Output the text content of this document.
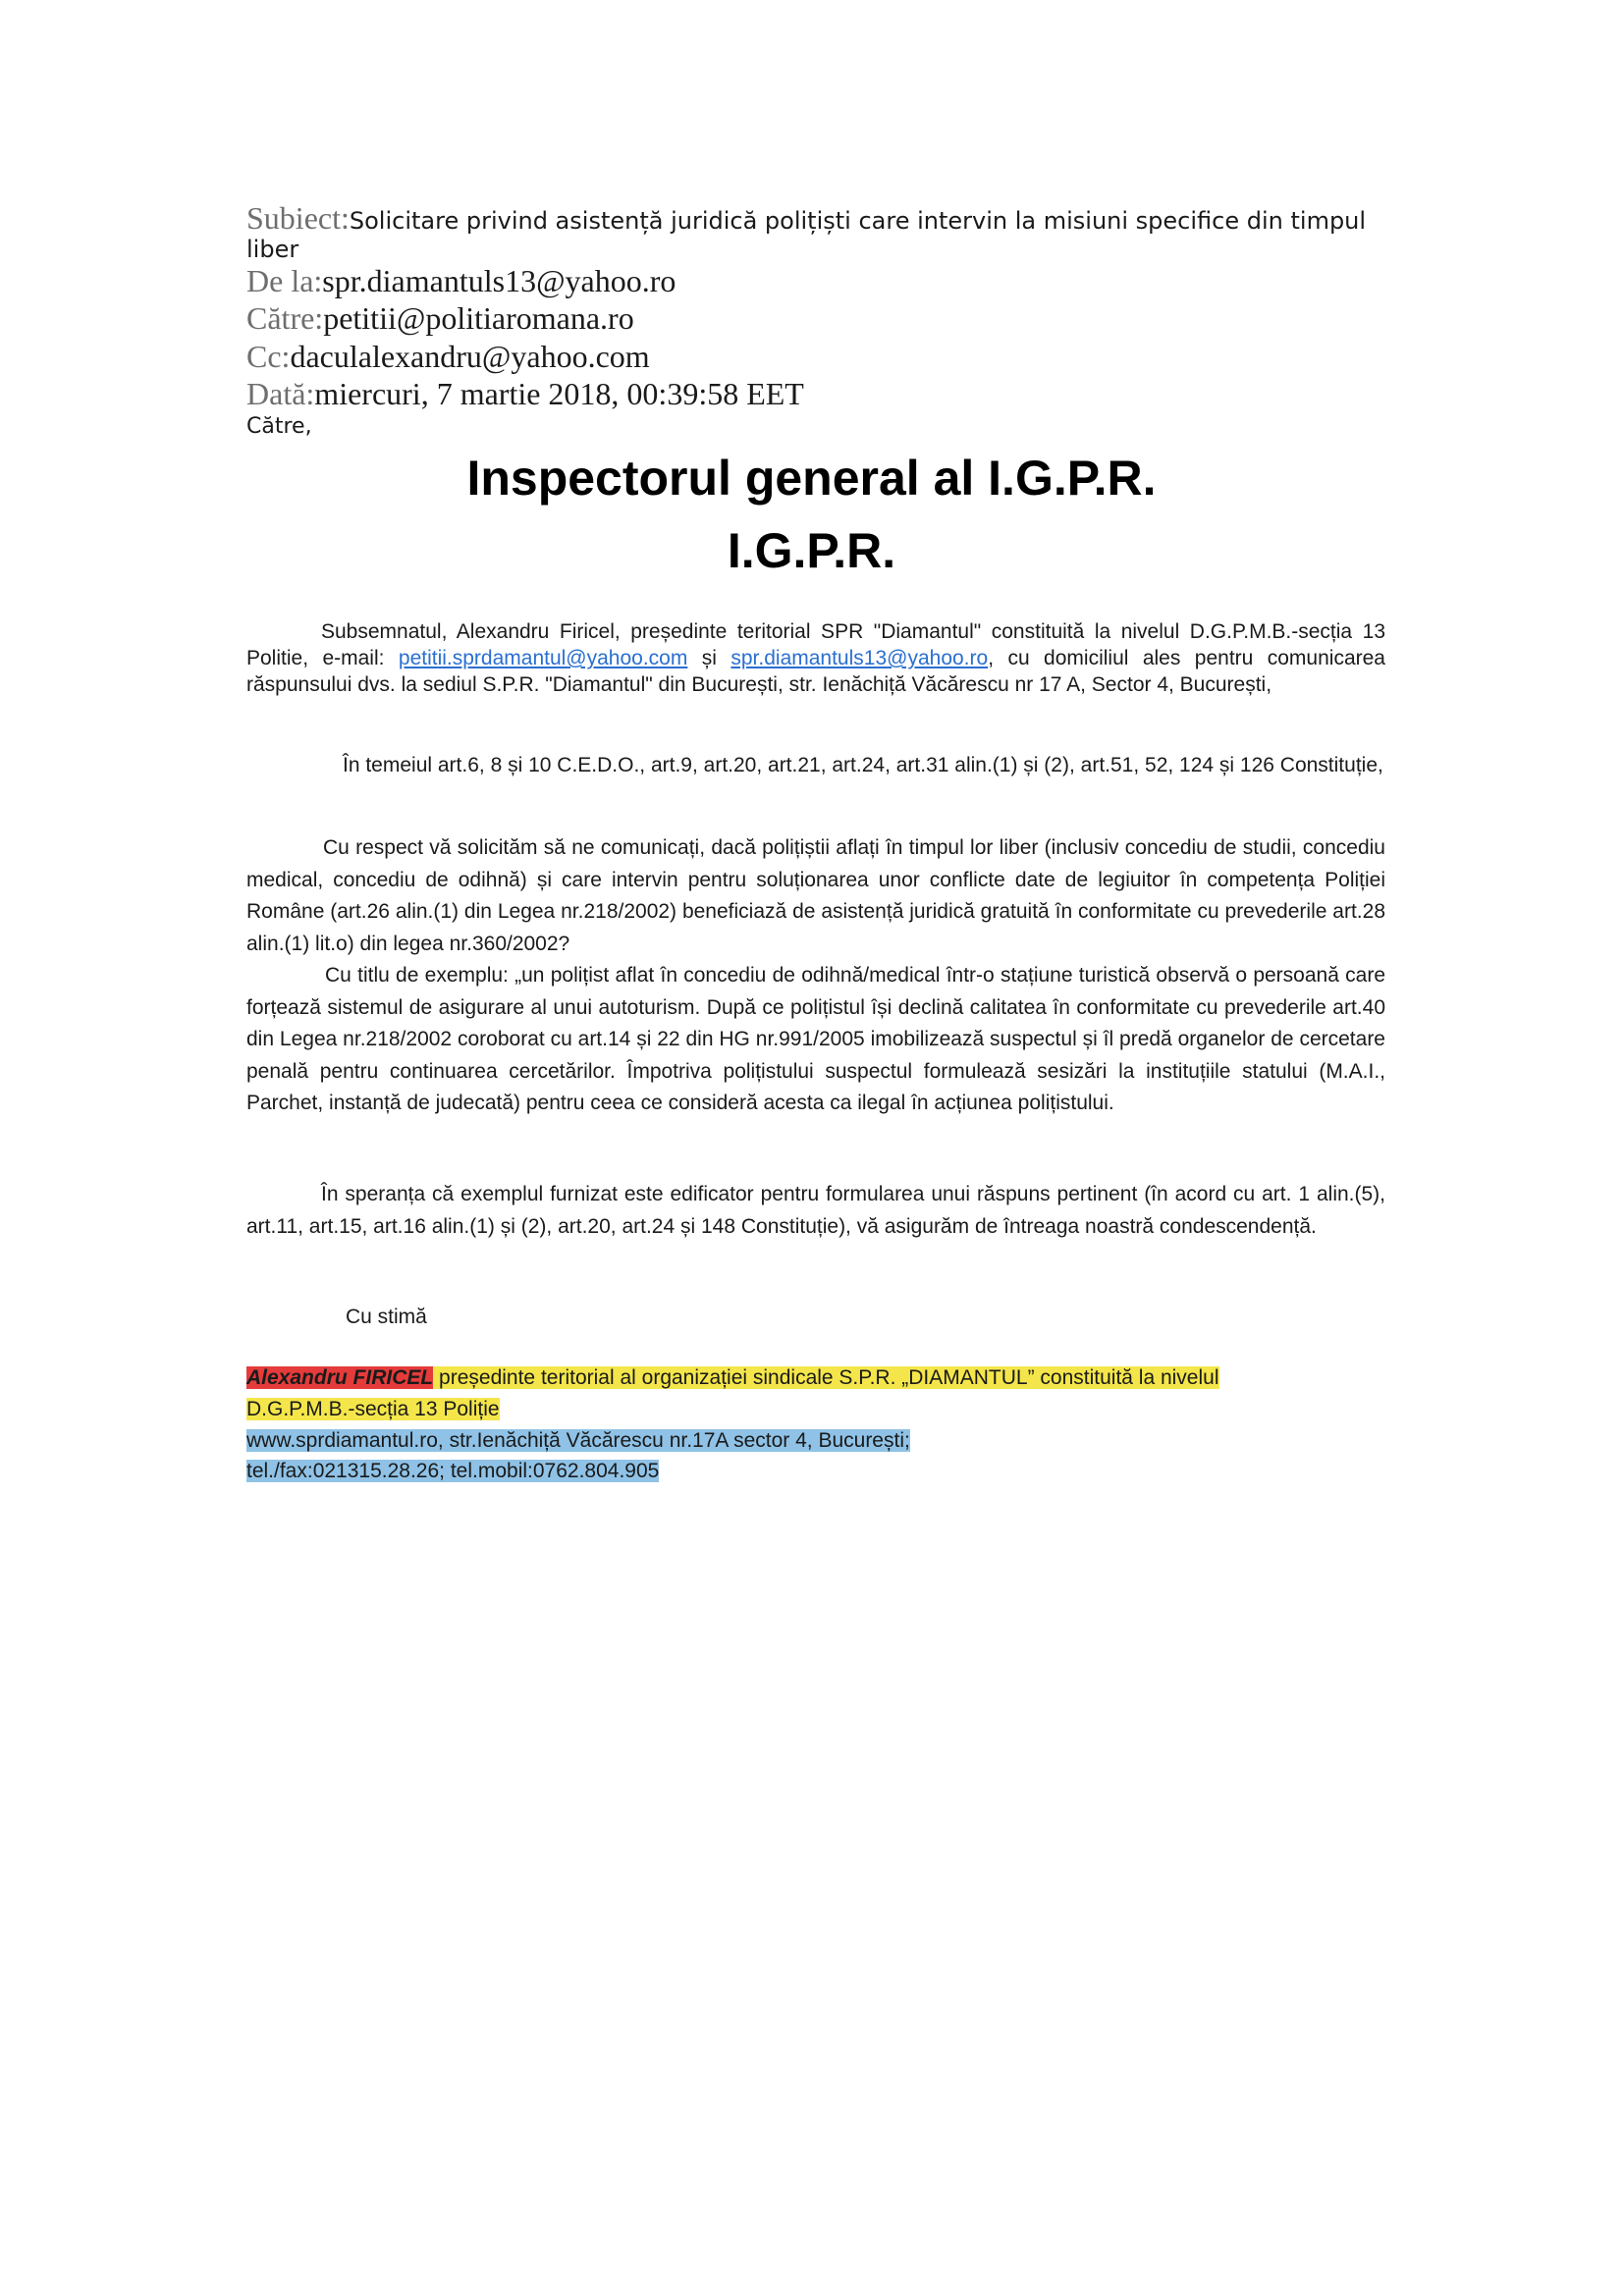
Subiect:Solicitare privind asistență juridică polițiști care intervin la misiuni specifice din timpul
liber
De la:spr.diamantuls13@yahoo.ro
Către:petitii@politiaromana.ro
Cc:daculalexandru@yahoo.com
Dată:miercuri, 7 martie 2018, 00:39:58 EET
Către,
Inspectorul general al I.G.P.R.
I.G.P.R.
Subsemnatul, Alexandru Firicel, președinte teritorial SPR "Diamantul" constituită la nivelul D.G.P.M.B.-secția 13 Politie, e-mail: petitii.sprdamantul@yahoo.com și spr.diamantuls13@yahoo.ro, cu domiciliul ales pentru comunicarea răspunsului dvs. la sediul S.P.R. "Diamantul" din București, str. Ienăchiță Văcărescu nr 17 A, Sector 4, București,
În temeiul art.6, 8 și 10 C.E.D.O., art.9, art.20, art.21, art.24, art.31 alin.(1) și (2), art.51, 52, 124 și 126 Constituție,
Cu respect vă solicităm să ne comunicați, dacă polițiștii aflați în timpul lor liber (inclusiv concediu de studii, concediu medical, concediu de odihnă) și care intervin pentru soluționarea unor conflicte date de legiuitor în competența Poliției Române (art.26 alin.(1) din Legea nr.218/2002) beneficiază de asistență juridică gratuită în conformitate cu prevederile art.28 alin.(1) lit.o) din legea nr.360/2002?
Cu titlu de exemplu: „un polițist aflat în concediu de odihnă/medical într-o stațiune turistică observă o persoană care forțează sistemul de asigurare al unui autoturism. După ce polițistul își declină calitatea în conformitate cu prevederile art.40 din Legea nr.218/2002 coroborat cu art.14 și 22 din HG nr.991/2005 imobilizează suspectul și îl predă organelor de cercetare penală pentru continuarea cercetărilor. Împotriva polițistului suspectul formulează sesizări la instituțiile statului (M.A.I., Parchet, instanță de judecată) pentru ceea ce consideră acesta ca ilegal în acțiunea polițistului.
În speranța că exemplul furnizat este edificator pentru formularea unui răspuns pertinent (în acord cu art. 1 alin.(5), art.11, art.15, art.16 alin.(1) și (2), art.20, art.24 și 148 Constituție), vă asigurăm de întreaga noastră condescendență.
Cu stimă
Alexandru FIRICEL președinte teritorial al organizației sindicale S.P.R. „DIAMANTUL” constituită la nivelul
D.G.P.M.B.-secția 13 Poliție
www.sprdiamantul.ro, str.Ienăchiță Văcărescu nr.17A sector 4, București;
tel./fax:021315.28.26; tel.mobil:0762.804.905
